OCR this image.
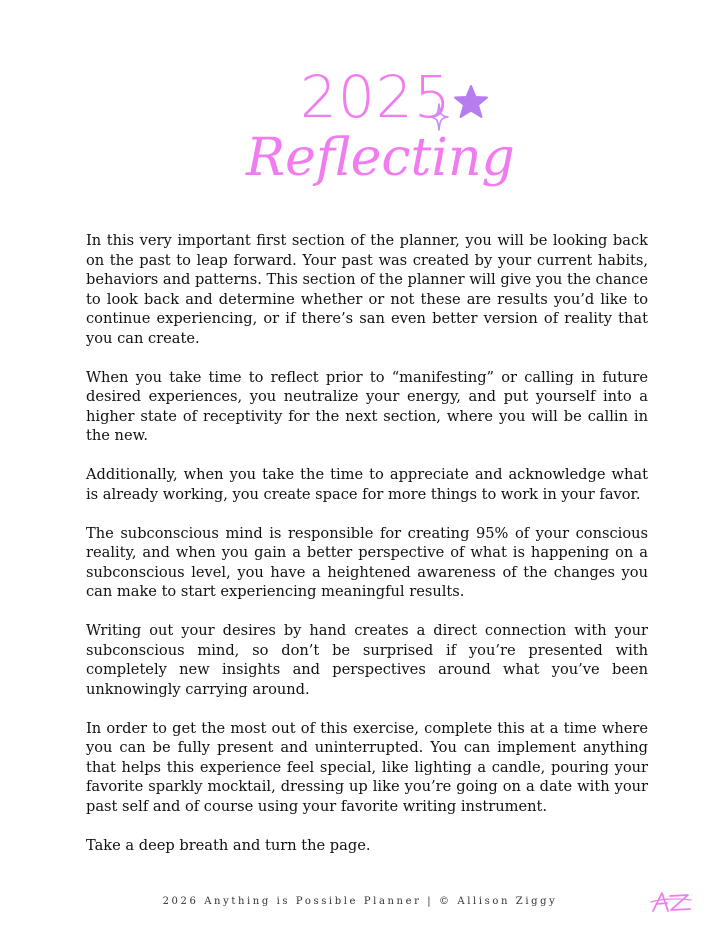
2025
Reflecting

In this very important first section of the planner, you will be looking back on the past to leap forward. Your past was created by your current habits, behaviors and patterns. This section of the planner will give you the chance to look back and determine whether or not these are results you’d like to continue experiencing, or if there’s san even better version of reality that you can create.

When you take time to reflect prior to “manifesting” or calling in future desired experiences, you neutralize your energy, and put yourself into a higher state of receptivity for the next section, where you will be callin in the new.

Additionally, when you take the time to appreciate and acknowledge what is already working, you create space for more things to work in your favor.

The subconscious mind is responsible for creating 95% of your conscious reality, and when you gain a better perspective of what is happening on a subconscious level, you have a heightened awareness of the changes you can make to start experiencing meaningful results.

Writing out your desires by hand creates a direct connection with your subconscious mind, so don’t be surprised if you’re presented with completely new insights and perspectives around what you’ve been unknowingly carrying around.

In order to get the most out of this exercise, complete this at a time where you can be fully present and uninterrupted. You can implement anything that helps this experience feel special, like lighting a candle, pouring your favorite sparkly mocktail, dressing up like you’re going on a date with your past self and of course using your favorite writing instrument.

Take a deep breath and turn the page.

2026 Anything is Possible Planner | © Allison Ziggy
